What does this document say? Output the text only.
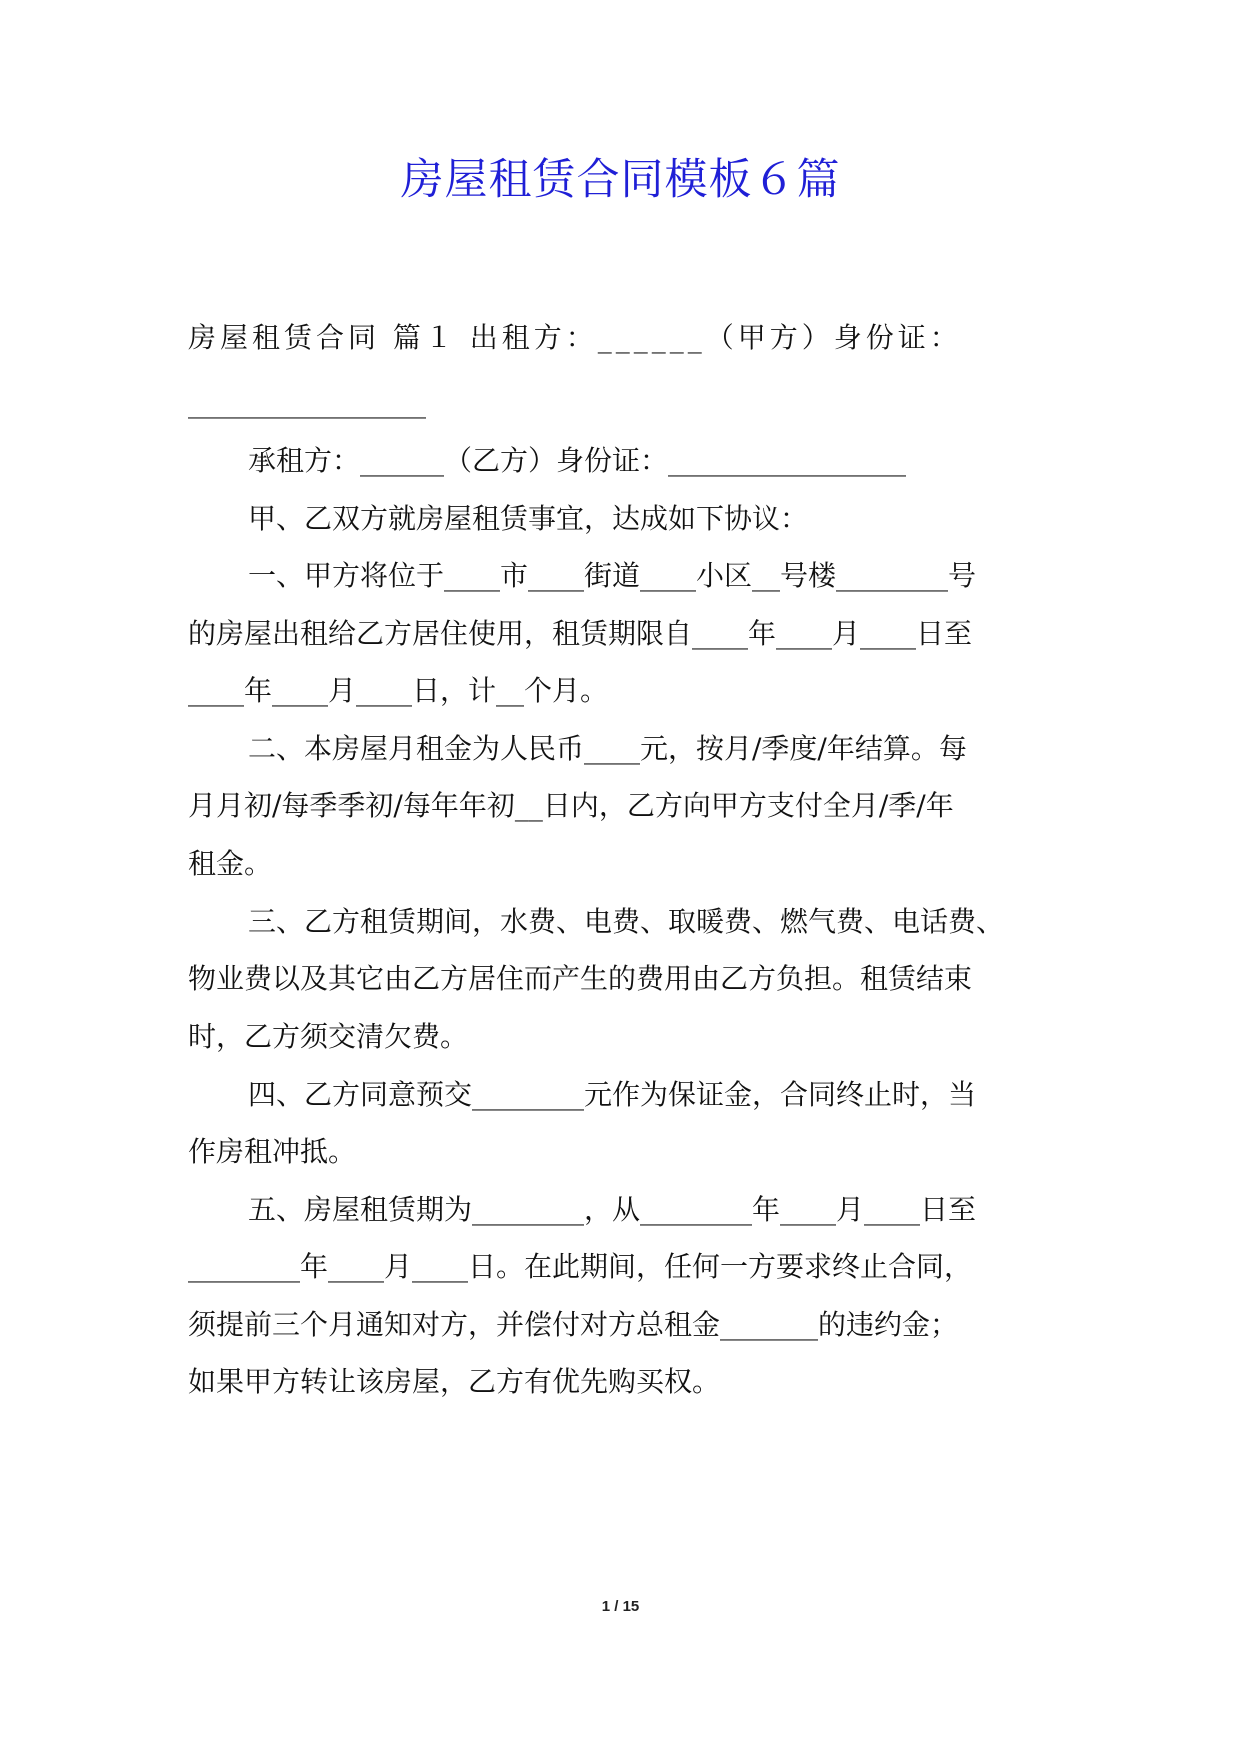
房屋租赁合同模板６篇

房屋租赁合同 篇１ 出租方：______（甲方）身份证：

_________________

承租方：______（乙方）身份证：_________________

甲、乙双方就房屋租赁事宜，达成如下协议：

一、甲方将位于____市____街道____小区__号楼________号

的房屋出租给乙方居住使用，租赁期限自____年____月____日至

____年____月____日，计__个月。

二、本房屋月租金为人民币____元，按月/季度/年结算。每

月月初/每季季初/每年年初__日内，乙方向甲方支付全月/季/年

租金。

三、乙方租赁期间，水费、电费、取暖费、燃气费、电话费、

物业费以及其它由乙方居住而产生的费用由乙方负担。租赁结束

时，乙方须交清欠费。

四、乙方同意预交________元作为保证金，合同终止时，当

作房租冲抵。

五、房屋租赁期为________，从________年____月____日至

________年____月____日。在此期间，任何一方要求终止合同，

须提前三个月通知对方，并偿付对方总租金_______的违约金；

如果甲方转让该房屋，乙方有优先购买权。

1 / 15
